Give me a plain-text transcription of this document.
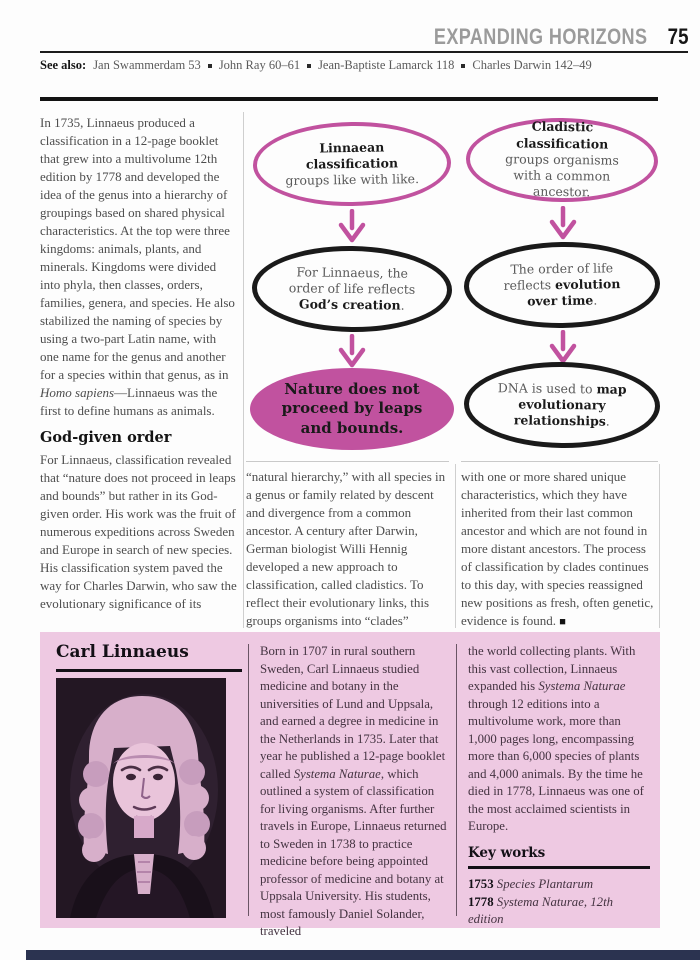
EXPANDING HORIZONS 75
See also: Jan Swammerdam 53 John Ray 60–61 Jean-Baptiste Lamarck 118 Charles Darwin 142–49

In 1735, Linnaeus produced a classification in a 12-page booklet that grew into a multivolume 12th edition by 1778 and developed the idea of the genus into a hierarchy of groupings based on shared physical characteristics. At the top were three kingdoms: animals, plants, and minerals. Kingdoms were divided into phyla, then classes, orders, families, genera, and species. He also stabilized the naming of species by using a two-part Latin name, with one name for the genus and another for a species within that genus, as in Homo sapiens—Linnaeus was the first to define humans as animals.

God-given order

For Linnaeus, classification revealed that “nature does not proceed in leaps and bounds” but rather in its God-given order. His work was the fruit of numerous expeditions across Sweden and Europe in search of new species. His classification system paved the way for Charles Darwin, who saw the evolutionary significance of its

Linnaean classification
groups like with like.
Cladistic classification
groups organisms with a common ancestor.

For Linnaeus, the order of life reflects God’s creation.

The order of life reflects evolution over time.

Nature does not proceed by leaps and bounds.

DNA is used to map evolutionary relationships.

“natural hierarchy,” with all species in a genus or family related by descent and divergence from a common ancestor. A century after Darwin, German biologist Willi Hennig developed a new approach to classification, called cladistics. To reflect their evolutionary links, this groups organisms into “clades”

with one or more shared unique characteristics, which they have inherited from their last common ancestor and which are not found in more distant ancestors. The process of classification by clades continues to this day, with species reassigned new positions as fresh, often genetic, evidence is found. ■

Carl Linnaeus	Born in 1707 in rural southern Sweden, Carl Linnaeus studied medicine and botany in the universities of Lund and Uppsala, and earned a degree in medicine in the Netherlands in 1735. Later that year he published a 12-page booklet called Systema Naturae, which outlined a system of classification for living organisms. After further travels in Europe, Linnaeus returned to Sweden in 1738 to practice medicine before being appointed professor of medicine and botany at Uppsala University. His students, most famously Daniel Solander, traveled

the world collecting plants. With this vast collection, Linnaeus expanded his Systema Naturae through 12 editions into a multivolume work, more than 1,000 pages long, encompassing more than 6,000 species of plants and 4,000 animals. By the time he died in 1778, Linnaeus was one of the most acclaimed scientists in Europe.

Key works

1753 Species Plantarum
1778 Systema Naturae, 12th edition
